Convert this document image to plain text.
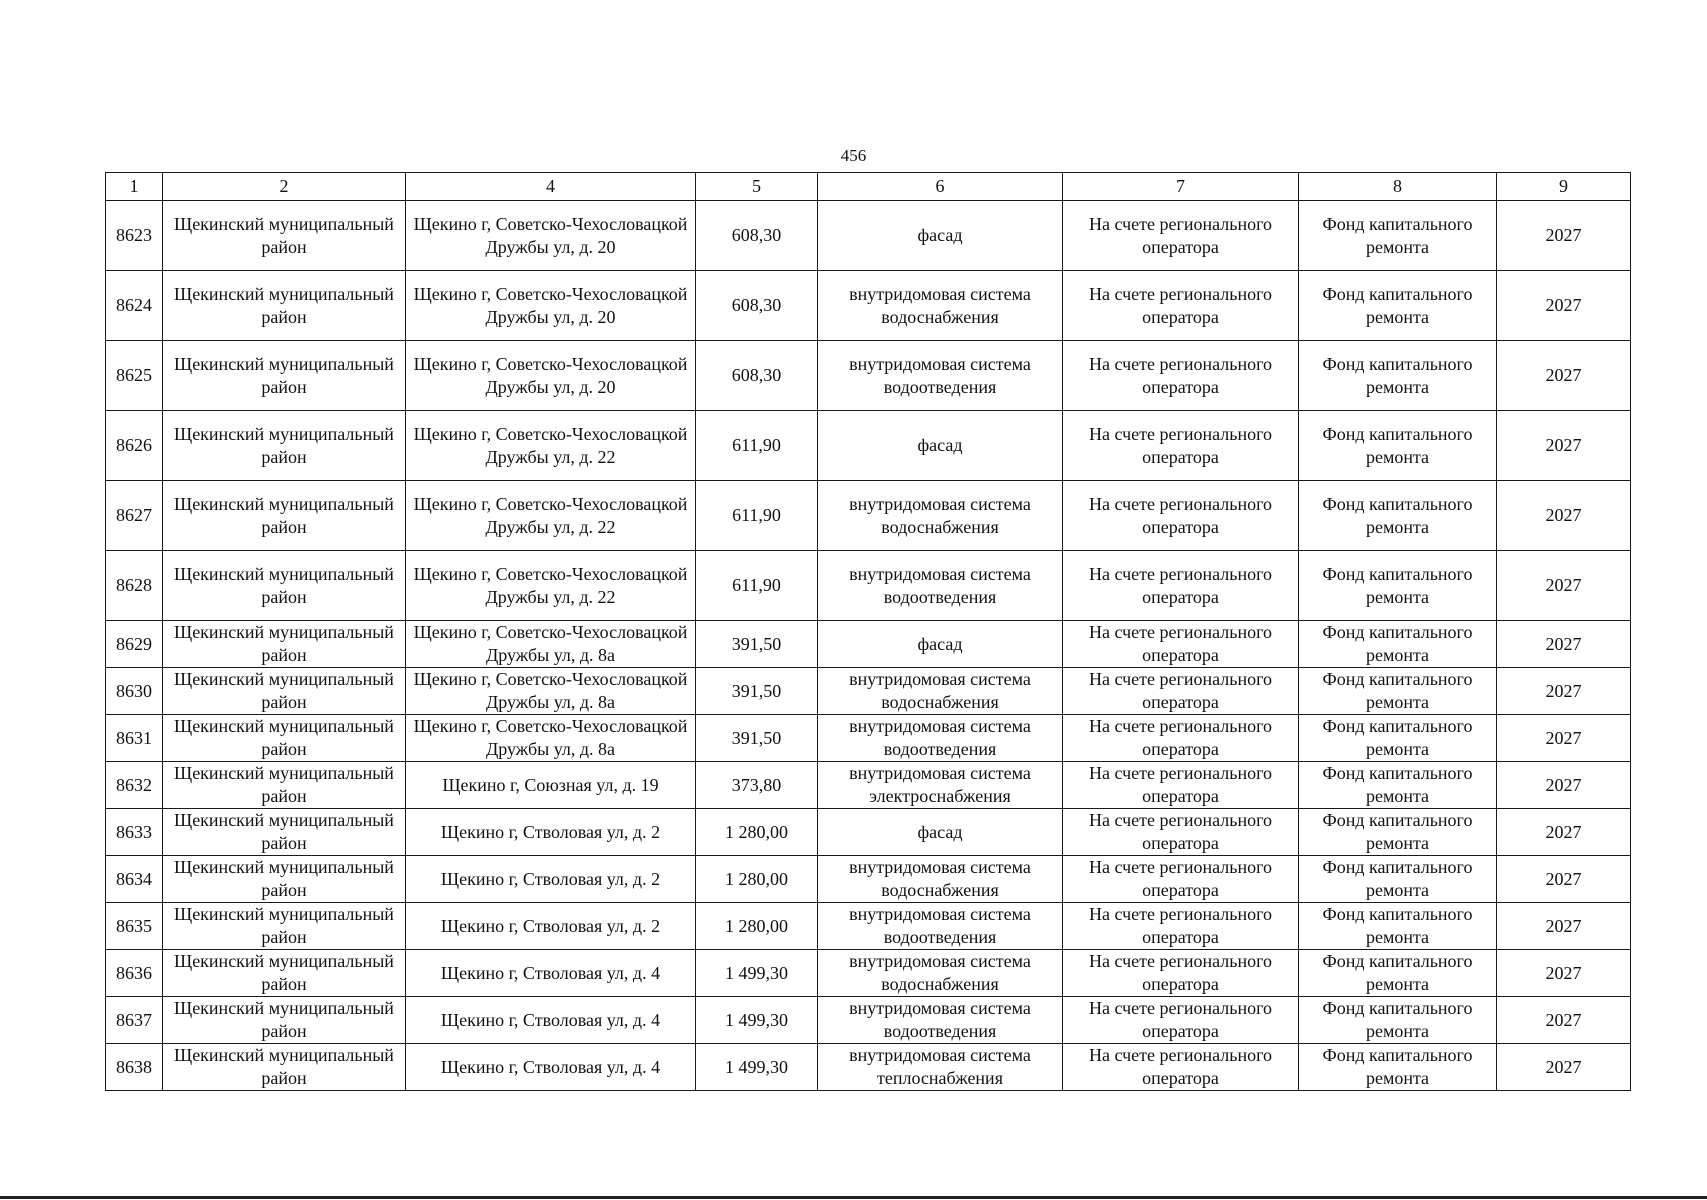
456
1	2	4	5	6	7	8	9
8623	Щекинский муниципальный район	Щекино г, Советско-Чехословацкой Дружбы ул, д. 20	608,30	фасад	На счете регионального оператора	Фонд капитального ремонта	2027
8624	Щекинский муниципальный район	Щекино г, Советско-Чехословацкой Дружбы ул, д. 20	608,30	внутридомовая система водоснабжения	На счете регионального оператора	Фонд капитального ремонта	2027
8625	Щекинский муниципальный район	Щекино г, Советско-Чехословацкой Дружбы ул, д. 20	608,30	внутридомовая система водоотведения	На счете регионального оператора	Фонд капитального ремонта	2027
8626	Щекинский муниципальный район	Щекино г, Советско-Чехословацкой Дружбы ул, д. 22	611,90	фасад	На счете регионального оператора	Фонд капитального ремонта	2027
8627	Щекинский муниципальный район	Щекино г, Советско-Чехословацкой Дружбы ул, д. 22	611,90	внутридомовая система водоснабжения	На счете регионального оператора	Фонд капитального ремонта	2027
8628	Щекинский муниципальный район	Щекино г, Советско-Чехословацкой Дружбы ул, д. 22	611,90	внутридомовая система водоотведения	На счете регионального оператора	Фонд капитального ремонта	2027
8629	Щекинский муниципальный район	Щекино г, Советско-Чехословацкой Дружбы ул, д. 8а	391,50	фасад	На счете регионального оператора	Фонд капитального ремонта	2027
8630	Щекинский муниципальный район	Щекино г, Советско-Чехословацкой Дружбы ул, д. 8а	391,50	внутридомовая система водоснабжения	На счете регионального оператора	Фонд капитального ремонта	2027
8631	Щекинский муниципальный район	Щекино г, Советско-Чехословацкой Дружбы ул, д. 8а	391,50	внутридомовая система водоотведения	На счете регионального оператора	Фонд капитального ремонта	2027
8632	Щекинский муниципальный район	Щекино г, Союзная ул, д. 19	373,80	внутридомовая система электроснабжения	На счете регионального оператора	Фонд капитального ремонта	2027
8633	Щекинский муниципальный район	Щекино г, Стволовая ул, д. 2	1 280,00	фасад	На счете регионального оператора	Фонд капитального ремонта	2027
8634	Щекинский муниципальный район	Щекино г, Стволовая ул, д. 2	1 280,00	внутридомовая система водоснабжения	На счете регионального оператора	Фонд капитального ремонта	2027
8635	Щекинский муниципальный район	Щекино г, Стволовая ул, д. 2	1 280,00	внутридомовая система водоотведения	На счете регионального оператора	Фонд капитального ремонта	2027
8636	Щекинский муниципальный район	Щекино г, Стволовая ул, д. 4	1 499,30	внутридомовая система водоснабжения	На счете регионального оператора	Фонд капитального ремонта	2027
8637	Щекинский муниципальный район	Щекино г, Стволовая ул, д. 4	1 499,30	внутридомовая система водоотведения	На счете регионального оператора	Фонд капитального ремонта	2027
8638	Щекинский муниципальный район	Щекино г, Стволовая ул, д. 4	1 499,30	внутридомовая система теплоснабжения	На счете регионального оператора	Фонд капитального ремонта	2027
